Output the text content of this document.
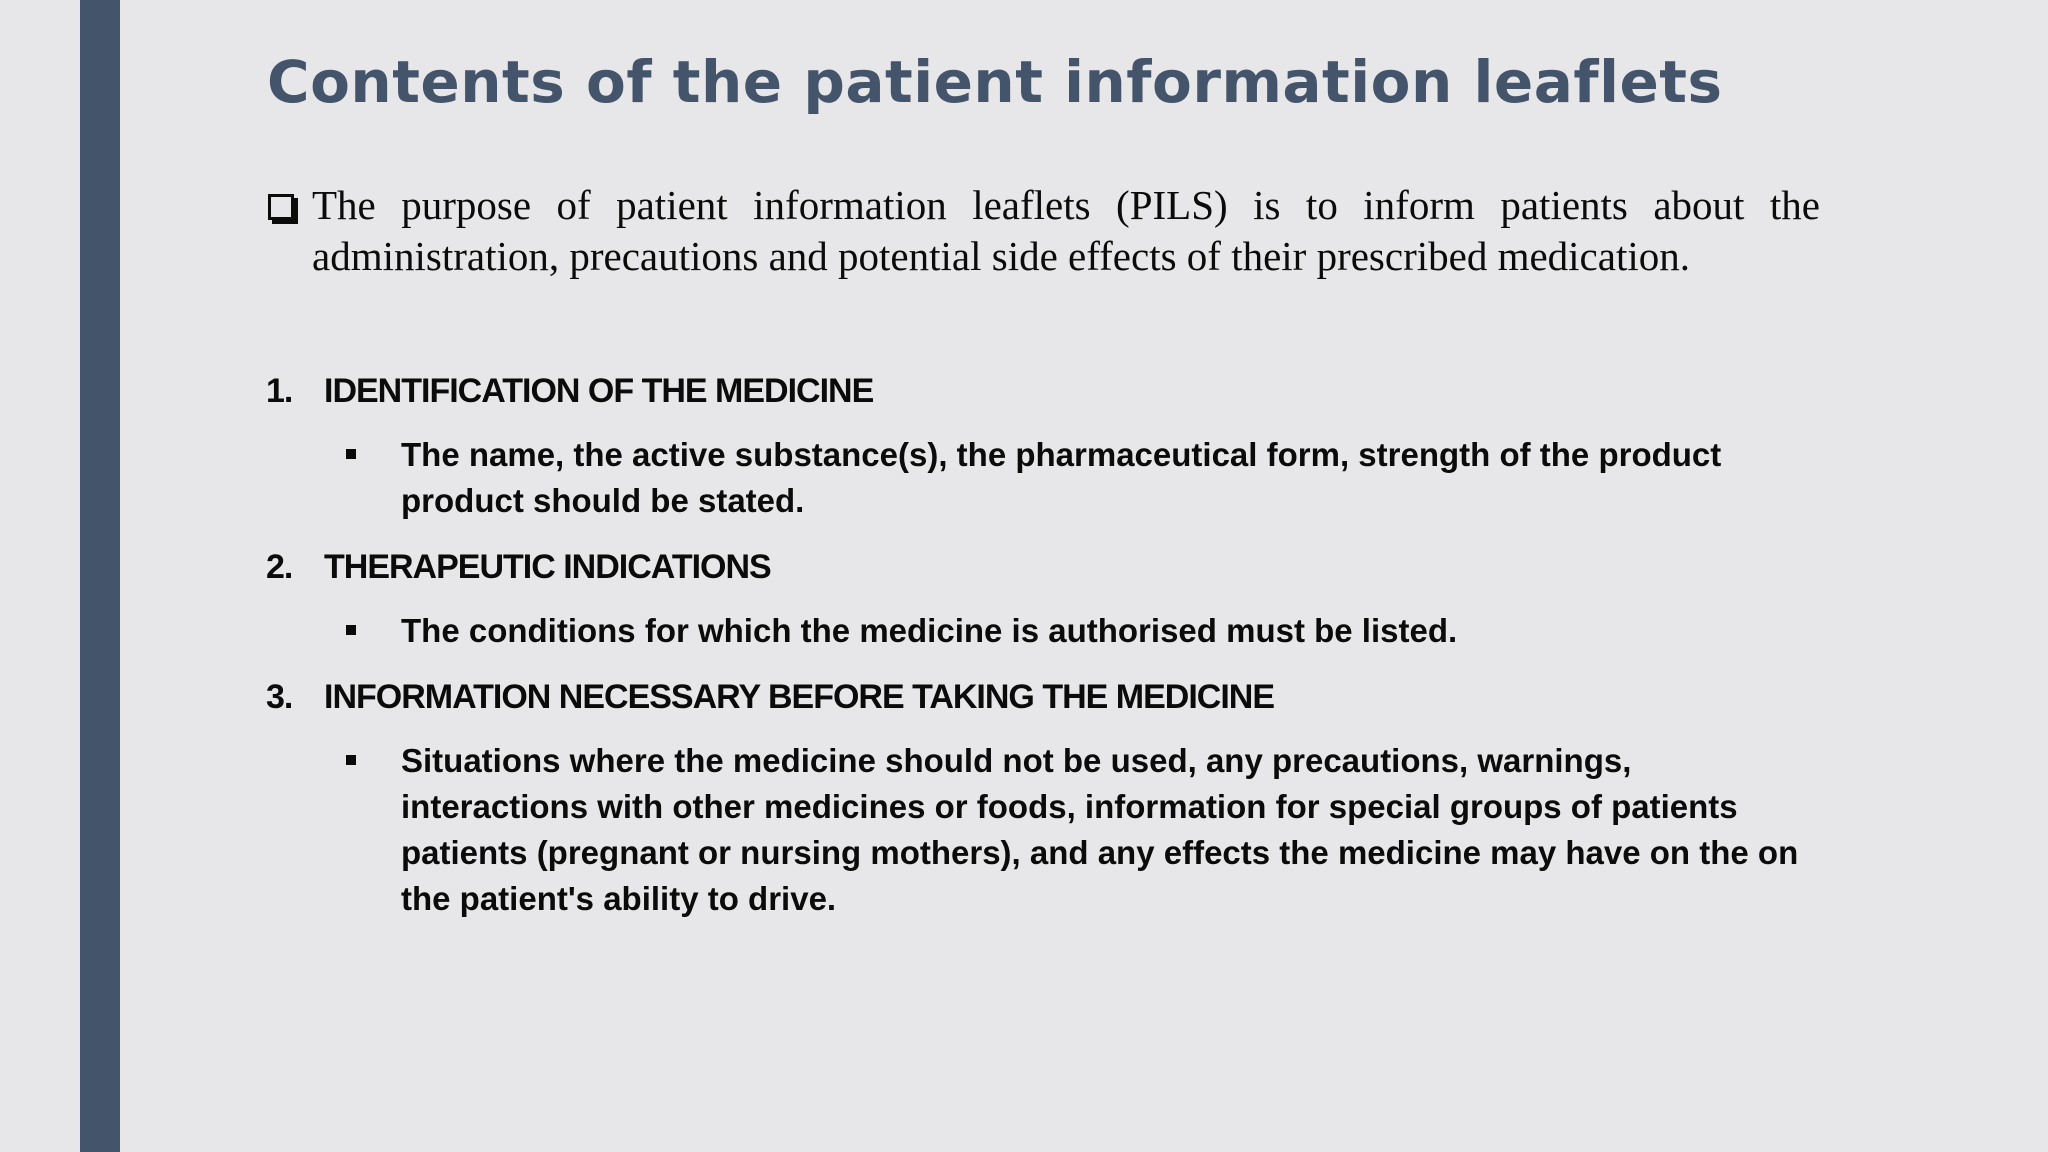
Contents of the patient information leaflets
The purpose of patient information leaflets (PILS) is to inform patients about the administration, precautions and potential side effects of their prescribed medication.
1. IDENTIFICATION OF THE MEDICINE
The name, the active substance(s), the pharmaceutical form, strength of the product product should be stated.
2. THERAPEUTIC INDICATIONS
The conditions for which the medicine is authorised must be listed.
3. INFORMATION NECESSARY BEFORE TAKING THE MEDICINE
Situations where the medicine should not be used, any precautions, warnings, interactions with other medicines or foods, information for special groups of patients patients (pregnant or nursing mothers), and any effects the medicine may have on the on the patient's ability to drive.
